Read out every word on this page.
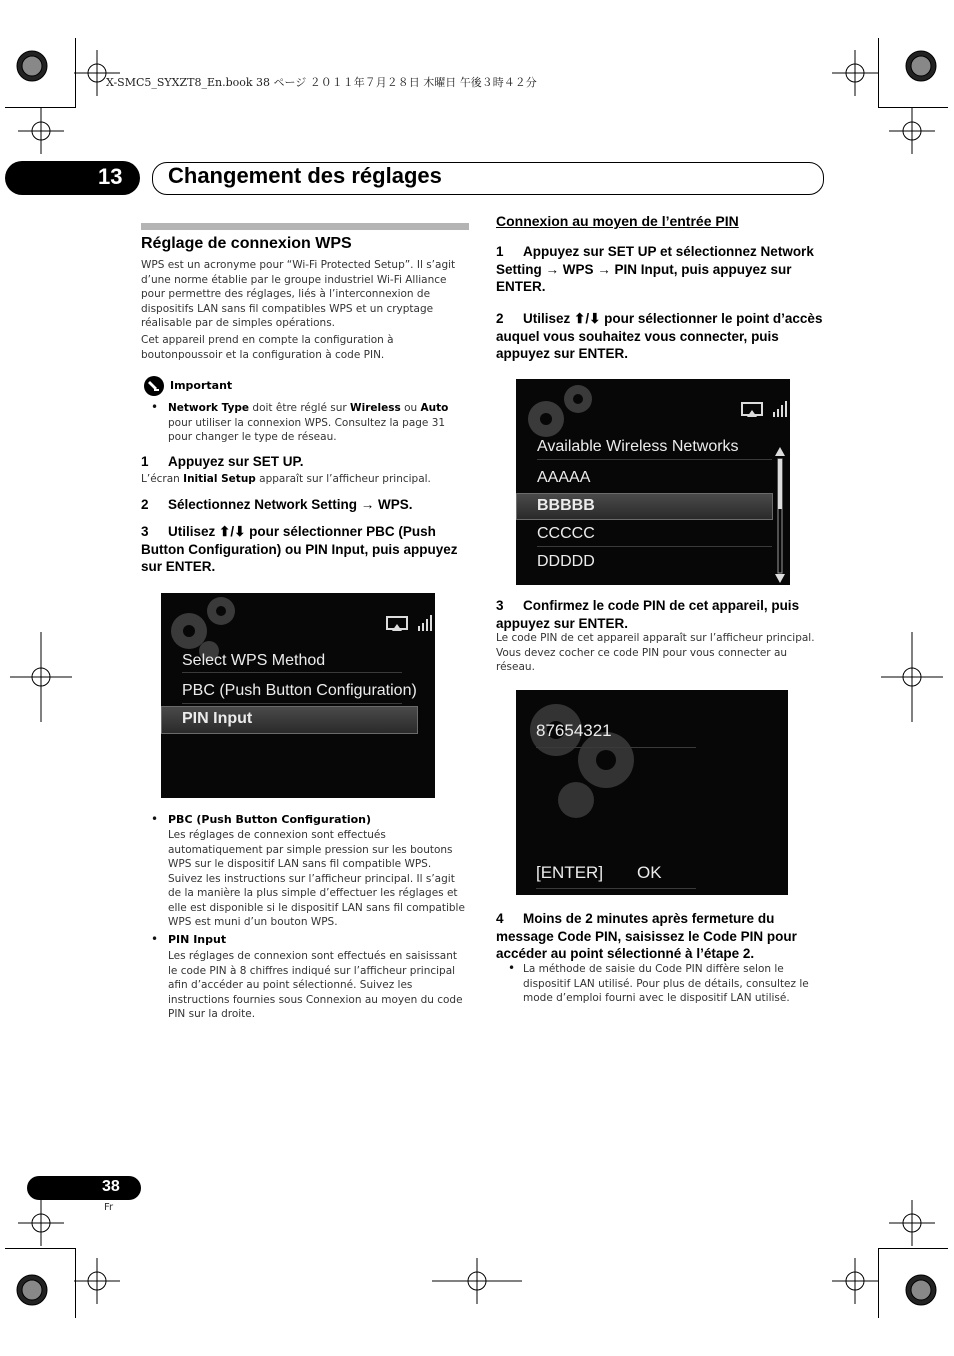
X-SMC5_SYXZT8_En.book 38 ページ ２０１１年７月２８日 木曜日 午後３時４２分
13 Changement des réglages
Réglage de connexion WPS
WPS est un acronyme pour “Wi-Fi Protected Setup”. Il s’agit d’une norme établie par le groupe industriel Wi-Fi Alliance pour permettre des réglages, liés à l’interconnexion de dispositifs LAN sans fil compatibles WPS et un cryptage réalisable par de simples opérations.
Cet appareil prend en compte la configuration à boutonpoussoir et la configuration à code PIN.
Important
• Network Type doit être réglé sur Wireless ou Auto pour utiliser la connexion WPS. Consultez la page 31 pour changer le type de réseau.
1 Appuyez sur SET UP.
L’écran Initial Setup apparaît sur l’afficheur principal.
2 Sélectionnez Network Setting → WPS.
3 Utilisez ⬆/⬇ pour sélectionner PBC (Push Button Configuration) ou PIN Input, puis appuyez sur ENTER.
Select WPS Method
PBC (Push Button Configuration)
PIN Input
• PBC (Push Button Configuration)
Les réglages de connexion sont effectués automatiquement par simple pression sur les boutons WPS sur le dispositif LAN sans fil compatible WPS. Suivez les instructions sur l’afficheur principal. Il s’agit de la manière la plus simple d’effectuer les réglages et elle est disponible si le dispositif LAN sans fil compatible WPS est muni d’un bouton WPS.
• PIN Input
Les réglages de connexion sont effectués en saisissant le code PIN à 8 chiffres indiqué sur l’afficheur principal afin d’accéder au point sélectionné. Suivez les instructions fournies sous Connexion au moyen du code PIN sur la droite.
Connexion au moyen de l’entrée PIN
1 Appuyez sur SET UP et sélectionnez Network Setting → WPS → PIN Input, puis appuyez sur ENTER.
2 Utilisez ⬆/⬇ pour sélectionner le point d’accès auquel vous souhaitez vous connecter, puis appuyez sur ENTER.
Available Wireless Networks
AAAAA
BBBBB
CCCCC
DDDDD
3 Confirmez le code PIN de cet appareil, puis appuyez sur ENTER.
Le code PIN de cet appareil apparaît sur l’afficheur principal. Vous devez cocher ce code PIN pour vous connecter au réseau.
87654321
[ENTER] OK
4 Moins de 2 minutes après fermeture du message Code PIN, saisissez le Code PIN pour accéder au point sélectionné à l’étape 2.
• La méthode de saisie du Code PIN diffère selon le dispositif LAN utilisé. Pour plus de détails, consultez le mode d’emploi fourni avec le dispositif LAN utilisé.
38
Fr
